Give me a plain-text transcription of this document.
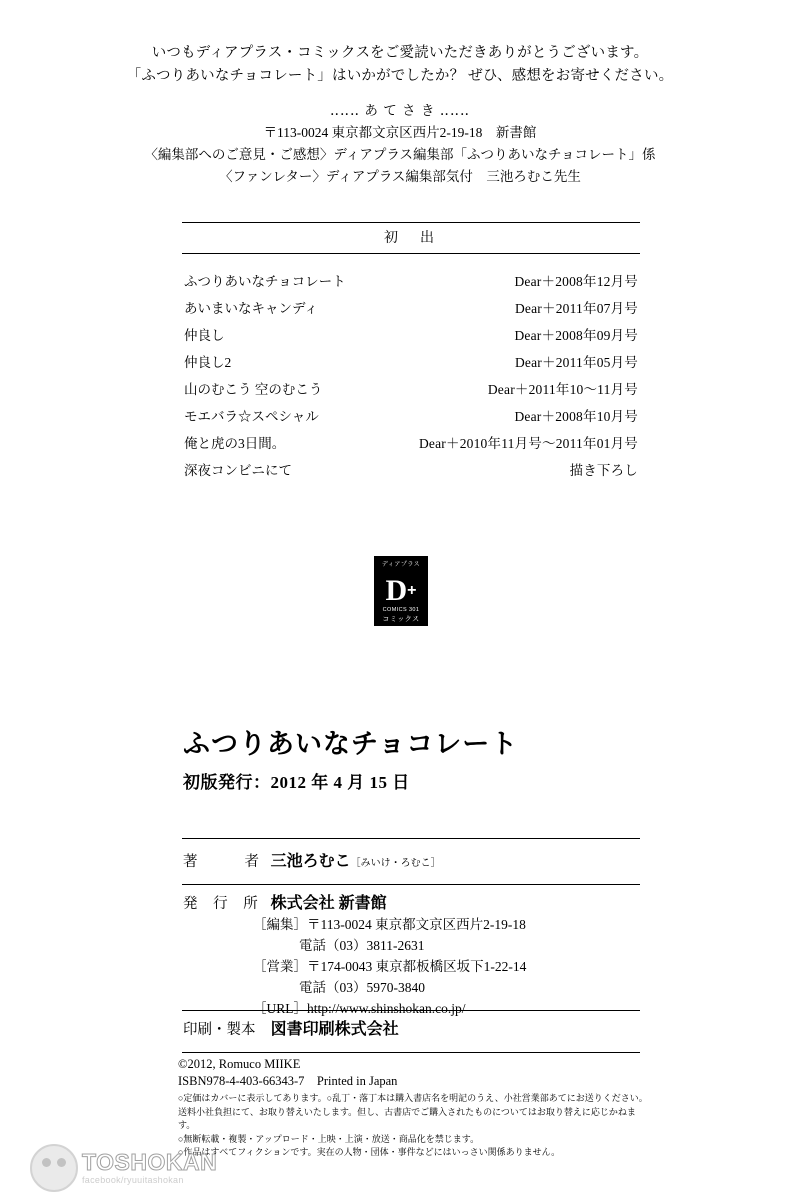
いつもディアプラス・コミックスをご愛読いただきありがとうございます。
「ふつりあいなチョコレート」はいかがでしたか？ ぜひ、感想をお寄せください。
‥‥‥ あ て さ き ‥‥‥
〒113-0024 東京都文京区西片2-19-18　新書館
〈編集部へのご意見・ご感想〉ディアプラス編集部「ふつりあいなチョコレート」係
〈ファンレター〉ディアプラス編集部気付　三池ろむこ先生
初　出
ふつりあいなチョコレート	Dear＋2008年12月号
あいまいなキャンディ	Dear＋2011年07月号
仲良し	Dear＋2008年09月号
仲良し2	Dear＋2011年05月号
山のむこう 空のむこう	Dear＋2011年10〜11月号
モエバラ☆スペシャル	Dear＋2008年10月号
俺と虎の3日間。	Dear＋2010年11月号〜2011年01月号
深夜コンビニにて	描き下ろし
ディアプラス
D +
COMICS 301
コミックス
ふつりあいなチョコレート
初版発行：2012 年 4 月 15 日
著　　者 三池ろむこ［みいけ・ろむこ］
発 行 所 株式会社 新書館
［編集］〒113-0024 東京都文京区西片2-19-18
電話（03）3811-2631
［営業］〒174-0043 東京都板橋区坂下1-22-14
電話（03）5970-3840
［URL］http://www.shinshokan.co.jp/
印刷・製本 図書印刷株式会社
©2012, Romuco MIIKE
ISBN978-4-403-66343-7　Printed in Japan
○定価はカバーに表示してあります。○乱丁・落丁本は購入書店名を明記のうえ、小社営業部あてにお送りください。
送料小社負担にて、お取り替えいたします。但し、古書店でご購入されたものについてはお取り替えに応じかねます。
○無断転載・複製・アップロード・上映・上演・放送・商品化を禁じます。
○作品はすべてフィクションです。実在の人物・団体・事件などにはいっさい関係ありません。
TOSHOKAN
facebook/ryuuitashokan
